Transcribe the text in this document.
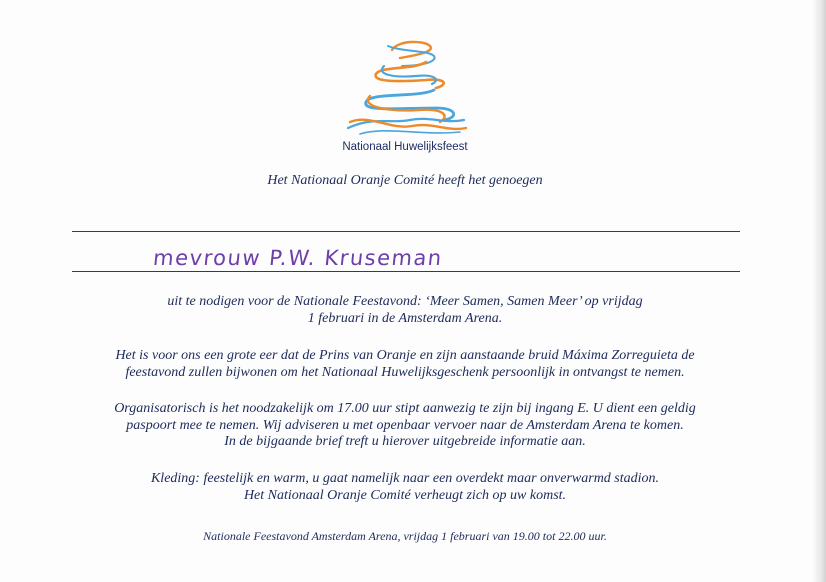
Nationaal Huwelijksfeest
Het Nationaal Oranje Comité heeft het genoegen
mevrouw P.W. Kruseman
uit te nodigen voor de Nationale Feestavond: ‘Meer Samen, Samen Meer’ op vrijdag
1 februari in de Amsterdam Arena.
Het is voor ons een grote eer dat de Prins van Oranje en zijn aanstaande bruid Máxima Zorreguieta de
feestavond zullen bijwonen om het Nationaal Huwelijksgeschenk persoonlijk in ontvangst te nemen.
Organisatorisch is het noodzakelijk om 17.00 uur stipt aanwezig te zijn bij ingang E. U dient een geldig
paspoort mee te nemen. Wij adviseren u met openbaar vervoer naar de Amsterdam Arena te komen.
In de bijgaande brief treft u hierover uitgebreide informatie aan.
Kleding: feestelijk en warm, u gaat namelijk naar een overdekt maar onverwarmd stadion.
Het Nationaal Oranje Comité verheugt zich op uw komst.
Nationale Feestavond Amsterdam Arena, vrijdag 1 februari van 19.00 tot 22.00 uur.
